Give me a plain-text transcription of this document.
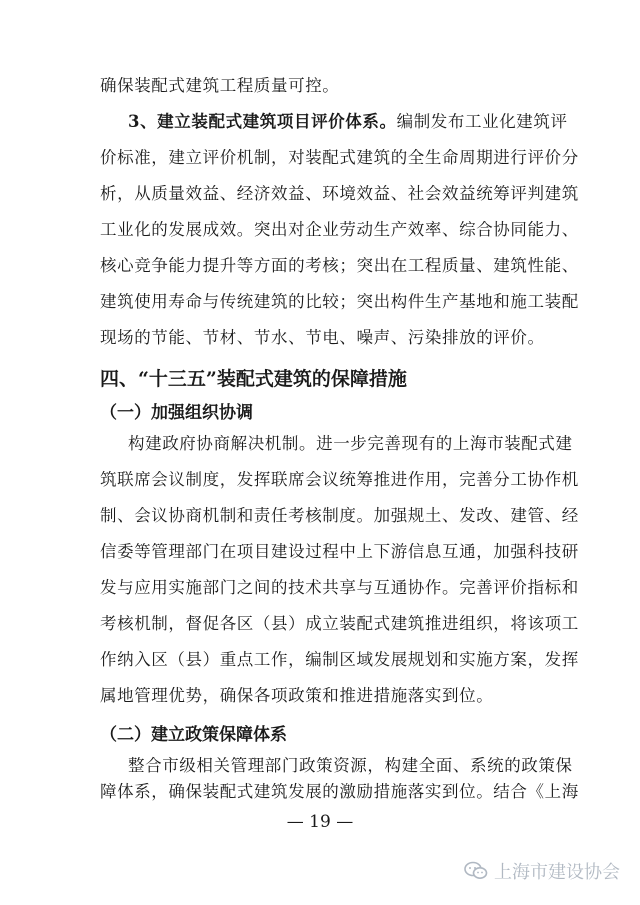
确保装配式建筑工程质量可控。
3、建立装配式建筑项目评价体系。编制发布工业化建筑评
价标准，建立评价机制，对装配式建筑的全生命周期进行评价分
析，从质量效益、经济效益、环境效益、社会效益统筹评判建筑
工业化的发展成效。突出对企业劳动生产效率、综合协同能力、
核心竞争能力提升等方面的考核；突出在工程质量、建筑性能、
建筑使用寿命与传统建筑的比较；突出构件生产基地和施工装配
现场的节能、节材、节水、节电、噪声、污染排放的评价。
四、“十三五”装配式建筑的保障措施
（一）加强组织协调
构建政府协商解决机制。进一步完善现有的上海市装配式建
筑联席会议制度，发挥联席会议统筹推进作用，完善分工协作机
制、会议协商机制和责任考核制度。加强规土、发改、建管、经
信委等管理部门在项目建设过程中上下游信息互通，加强科技研
发与应用实施部门之间的技术共享与互通协作。完善评价指标和
考核机制，督促各区（县）成立装配式建筑推进组织，将该项工
作纳入区（县）重点工作，编制区域发展规划和实施方案，发挥
属地管理优势，确保各项政策和推进措施落实到位。
（二）建立政策保障体系
整合市级相关管理部门政策资源，构建全面、系统的政策保
障体系，确保装配式建筑发展的激励措施落实到位。结合《上海
— 19 —
上海市建设协会
